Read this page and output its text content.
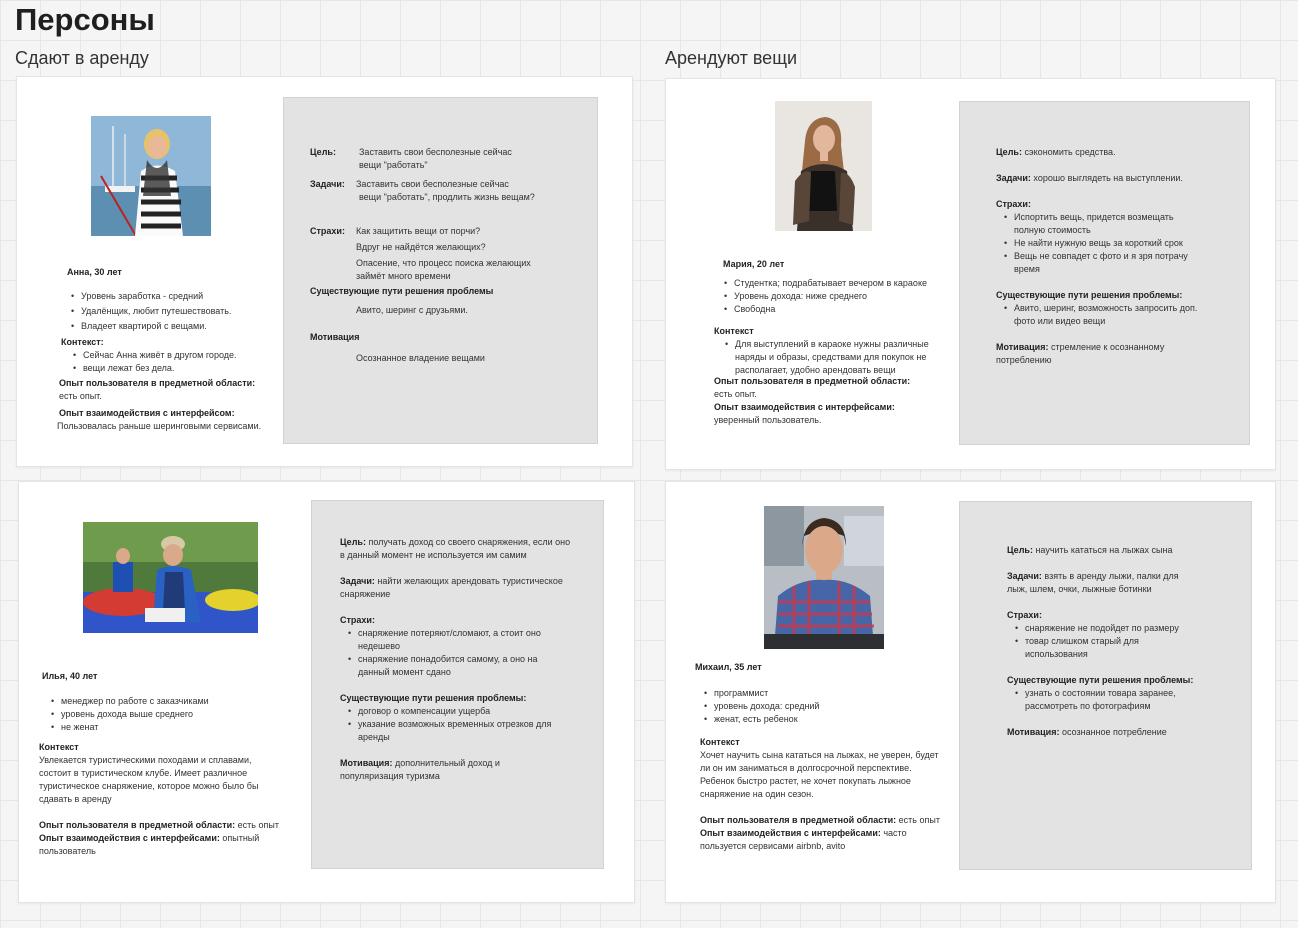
Персоны
Сдают в аренду	Арендуют вещи
Анна, 30 лет
• Уровень заработка - средний
• Удалёнщик, любит путешествовать.
• Владеет квартирой с вещами.
Контекст:
• Сейчас Анна живёт в другом городе.
• вещи лежат без дела.
Опыт пользователя в предметной области:
есть опыт.
Опыт взаимодействия с интерфейсом:
Пользовалась раньше шеринговыми сервисами.
Цель:	Заставить свои бесполезные сейчас
вещи "работать"
Задачи: Заставить свои бесполезные сейчас
вещи "работать", продлить жизнь вещам?
Страхи: Как защитить вещи от порчи?
Вдруг не найдётся желающих?
Опасение, что процесс поиска желающих
займёт много времени
Существующие пути решения проблемы
Авито, шеринг с друзьями.
Мотивация
Осознанное владение вещами
Мария, 20 лет
• Студентка; подрабатывает вечером в караоке
• Уровень дохода: ниже среднего
• Свободна
Контекст
• Для выступлений в караоке нужны различные
наряды и образы, средствами для покупок не
располагает, удобно арендовать вещи
Опыт пользователя в предметной области:
есть опыт.
Опыт взаимодействия с интерфейсами:
уверенный пользователь.
Цель: сэкономить средства.
Задачи: хорошо выглядеть на выступлении.
Страхи:
• Испортить вещь, придется возмещать
полную стоимость
• Не найти нужную вещь за короткий срок
• Вещь не совпадет с фото и я зря потрачу
время
Существующие пути решения проблемы:
• Авито, шеринг, возможность запросить доп.
фото или видео вещи
Мотивация: стремление к осознанному
потреблению
Илья, 40 лет
• менеджер по работе с заказчиками
• уровень дохода выше среднего
• не женат
Контекст
Увлекается туристическими походами и сплавами,
состоит в туристическом клубе. Имеет различное
туристическое снаряжение, которое можно было бы
сдавать в аренду
Опыт пользователя в предметной области: есть опыт
Опыт взаимодействия с интерфейсами: опытный
пользователь
Цель: получать доход со своего снаряжения, если оно
в данный момент не используется им самим
Задачи: найти желающих арендовать туристическое
снаряжение
Страхи:
• снаряжение потеряют/сломают, а стоит оно
недешево
• снаряжение понадобится самому, а оно на
данный момент сдано
Существующие пути решения проблемы:
• договор о компенсации ущерба
• указание возможных временных отрезков для
аренды
Мотивация: дополнительный доход и
популяризация туризма
Михаил, 35 лет
• программист
• уровень дохода: средний
• женат, есть ребенок
Контекст
Хочет научить сына кататься на лыжах, не уверен, будет
ли он им заниматься в долгосрочной перспективе.
Ребенок быстро растет, не хочет покупать лыжное
снаряжение на один сезон.
Опыт пользователя в предметной области: есть опыт
Опыт взаимодействия с интерфейсами: часто
пользуется сервисами airbnb, avito
Цель: научить кататься на лыжах сына
Задачи: взять в аренду лыжи, палки для
лыж, шлем, очки, лыжные ботинки
Страхи:
• снаряжение не подойдет по размеру
• товар слишком старый для
использования
Существующие пути решения проблемы:
• узнать о состоянии товара заранее,
рассмотреть по фотографиям
Мотивация: осознанное потребление
